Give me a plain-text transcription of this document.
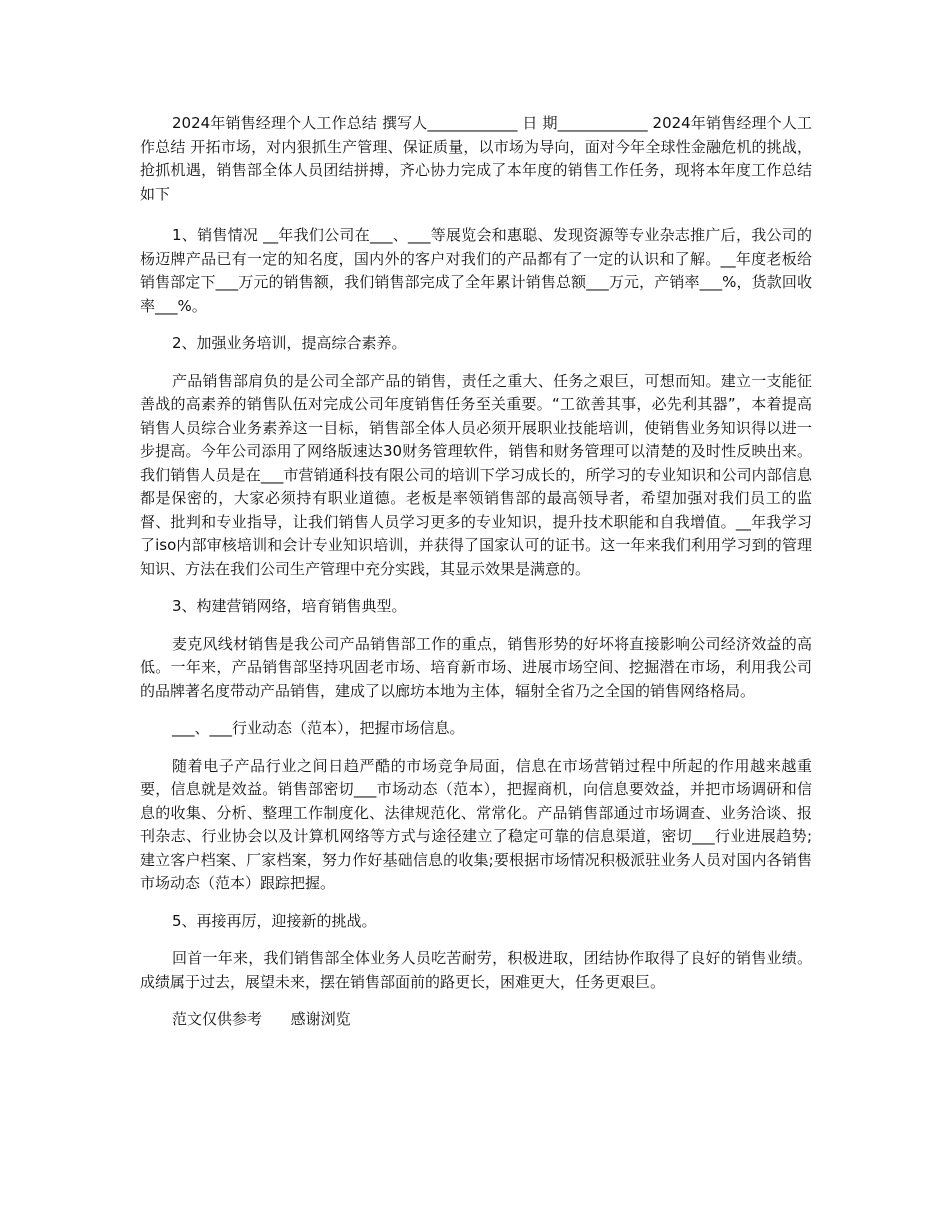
2024年销售经理个人工作总结 撰写人____________ 日 期____________ 2024年销售经理个人工作总结 开拓市场，对内狠抓生产管理、保证质量，以市场为导向，面对今年全球性金融危机的挑战，抢抓机遇，销售部全体人员团结拼搏，齐心协力完成了本年度的销售工作任务，现将本年度工作总结如下

1、销售情况 __年我们公司在___、___等展览会和惠聪、发现资源等专业杂志推广后，我公司的杨迈牌产品已有一定的知名度，国内外的客户对我们的产品都有了一定的认识和了解。__年度老板给销售部定下___万元的销售额，我们销售部完成了全年累计销售总额___万元，产销率___%，货款回收率___%。

2、加强业务培训，提高综合素养。

产品销售部肩负的是公司全部产品的销售，责任之重大、任务之艰巨，可想而知。建立一支能征善战的高素养的销售队伍对完成公司年度销售任务至关重要。“工欲善其事，必先利其器”，本着提高销售人员综合业务素养这一目标，销售部全体人员必须开展职业技能培训，使销售业务知识得以进一步提高。今年公司添用了网络版速达30财务管理软件，销售和财务管理可以清楚的及时性反映出来。我们销售人员是在___市营销通科技有限公司的培训下学习成长的，所学习的专业知识和公司内部信息都是保密的，大家必须持有职业道德。老板是率领销售部的最高领导者，希望加强对我们员工的监督、批判和专业指导，让我们销售人员学习更多的专业知识，提升技术职能和自我增值。__年我学习了iso内部审核培训和会计专业知识培训，并获得了国家认可的证书。这一年来我们利用学习到的管理知识、方法在我们公司生产管理中充分实践，其显示效果是满意的。

3、构建营销网络，培育销售典型。

麦克风线材销售是我公司产品销售部工作的重点，销售形势的好坏将直接影响公司经济效益的高低。一年来，产品销售部坚持巩固老市场、培育新市场、进展市场空间、挖掘潜在市场，利用我公司的品牌著名度带动产品销售，建成了以廊坊本地为主体，辐射全省乃之全国的销售网络格局。

___、___行业动态（范本），把握市场信息。

随着电子产品行业之间日趋严酷的市场竞争局面，信息在市场营销过程中所起的作用越来越重要，信息就是效益。销售部密切___市场动态（范本），把握商机，向信息要效益，并把市场调研和信息的收集、分析、整理工作制度化、法律规范化、常常化。产品销售部通过市场调查、业务洽谈、报刊杂志、行业协会以及计算机网络等方式与途径建立了稳定可靠的信息渠道，密切___行业进展趋势;建立客户档案、厂家档案，努力作好基础信息的收集;要根据市场情况积极派驻业务人员对国内各销售市场动态（范本）跟踪把握。

5、再接再厉，迎接新的挑战。

回首一年来，我们销售部全体业务人员吃苦耐劳，积极进取，团结协作取得了良好的销售业绩。成绩属于过去，展望未来，摆在销售部面前的路更长，困难更大，任务更艰巨。

范文仅供参考      感谢浏览
